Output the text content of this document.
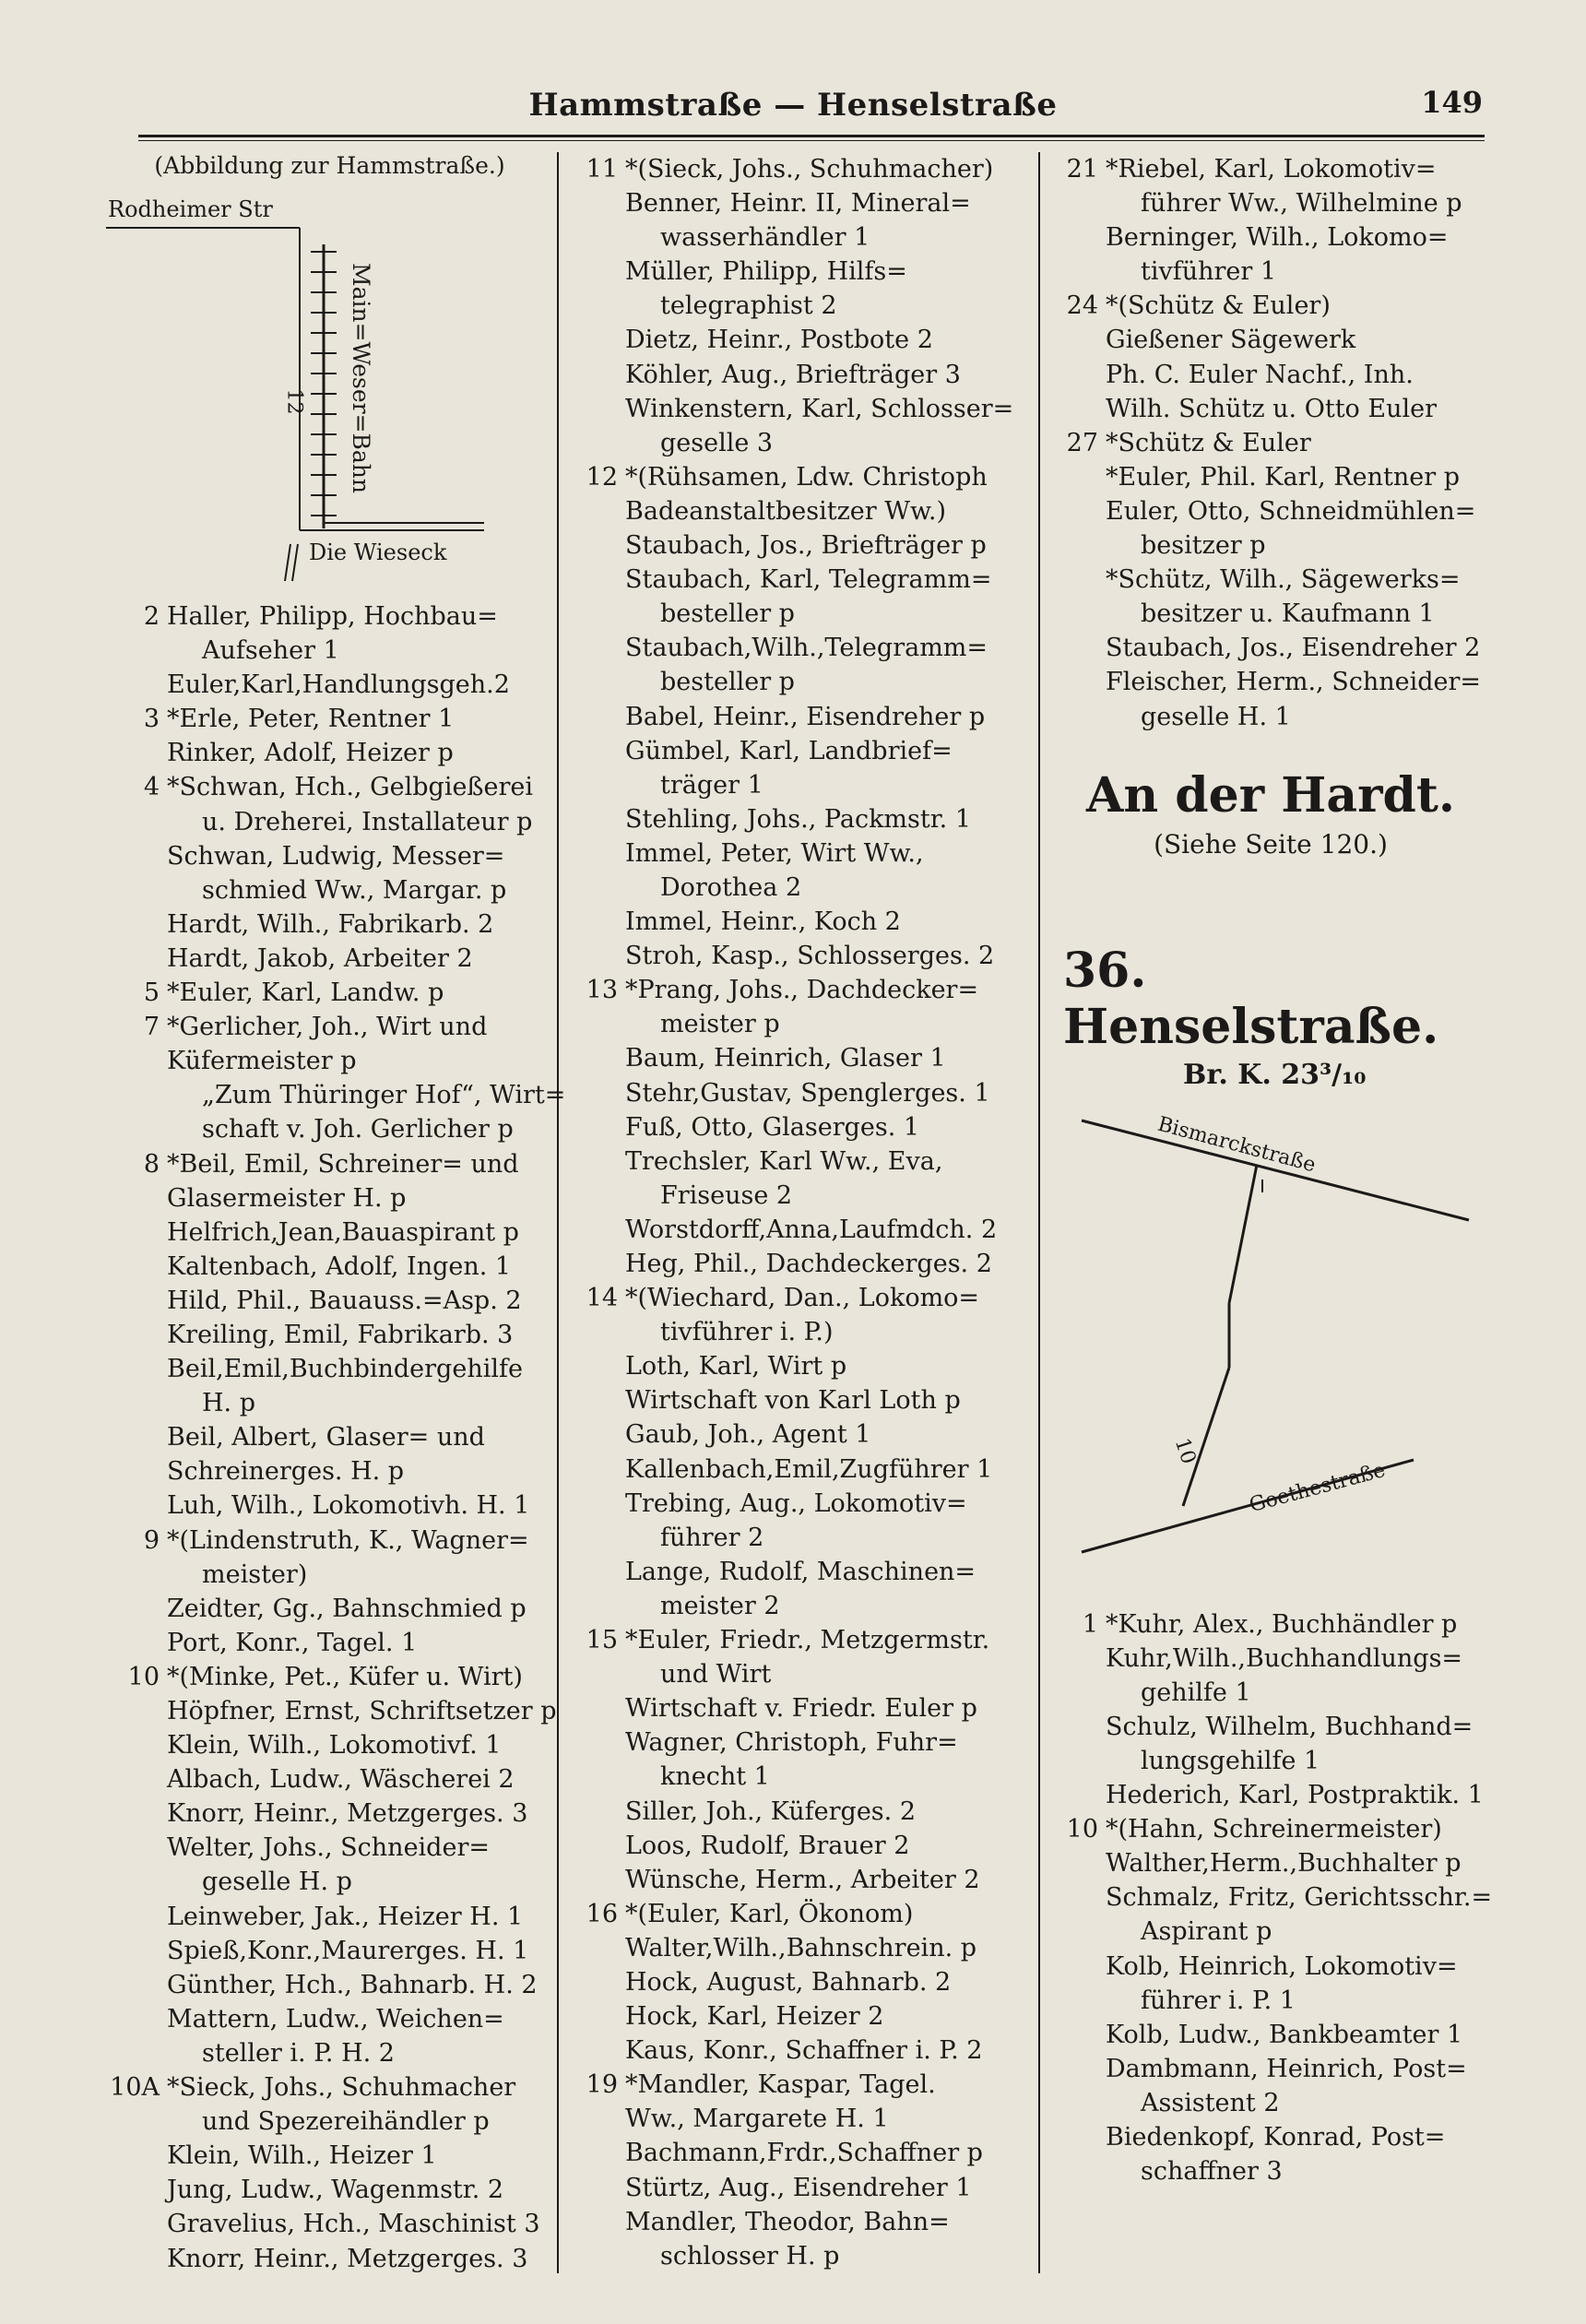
Hammstraße — Henselstraße	149
(Abbildung zur Hammstraße.)
Rodheimer Str
Main=Weser=Bahn
12
Die Wieseck
2 Haller, Philipp, Hochbau=
Aufseher 1
Euler,Karl,Handlungsgeh.2
3 *Erle, Peter, Rentner 1
Rinker, Adolf, Heizer p
4 *Schwan, Hch., Gelbgießerei
u. Dreherei, Installateur p
Schwan, Ludwig, Messer=
schmied Ww., Margar. p
Hardt, Wilh., Fabrikarb. 2
Hardt, Jakob, Arbeiter 2
5 *Euler, Karl, Landw. p
7 *Gerlicher, Joh., Wirt und
Küfermeister p
„Zum Thüringer Hof“, Wirt=
schaft v. Joh. Gerlicher p
8 *Beil, Emil, Schreiner= und
Glasermeister H. p
Helfrich,Jean,Bauaspirant p
Kaltenbach, Adolf, Ingen. 1
Hild, Phil., Bauauss.=Asp. 2
Kreiling, Emil, Fabrikarb. 3
Beil,Emil,Buchbindergehilfe
H. p
Beil, Albert, Glaser= und
Schreinerges. H. p
Luh, Wilh., Lokomotivh. H. 1
9 *(Lindenstruth, K., Wagner=
meister)
Zeidter, Gg., Bahnschmied p
Port, Konr., Tagel. 1
10 *(Minke, Pet., Küfer u. Wirt)
Höpfner, Ernst, Schriftsetzer p
Klein, Wilh., Lokomotivf. 1
Albach, Ludw., Wäscherei 2
Knorr, Heinr., Metzgerges. 3
Welter, Johs., Schneider=
geselle H. p
Leinweber, Jak., Heizer H. 1
Spieß,Konr.,Maurerges. H. 1
Günther, Hch., Bahnarb. H. 2
Mattern, Ludw., Weichen=
steller i. P. H. 2
10A *Sieck, Johs., Schuhmacher
und Spezereihändler p
Klein, Wilh., Heizer 1
Jung, Ludw., Wagenmstr. 2
Gravelius, Hch., Maschinist 3
Knorr, Heinr., Metzgerges. 3
11 *(Sieck, Johs., Schuhmacher)
Benner, Heinr. II, Mineral=
wasserhändler 1
Müller, Philipp, Hilfs=
telegraphist 2
Dietz, Heinr., Postbote 2
Köhler, Aug., Briefträger 3
Winkenstern, Karl, Schlosser=
geselle 3
12 *(Rühsamen, Ldw. Christoph
Badeanstaltbesitzer Ww.)
Staubach, Jos., Briefträger p
Staubach, Karl, Telegramm=
besteller p
Staubach,Wilh.,Telegramm=
besteller p
Babel, Heinr., Eisendreher p
Gümbel, Karl, Landbrief=
träger 1
Stehling, Johs., Packmstr. 1
Immel, Peter, Wirt Ww.,
Dorothea 2
Immel, Heinr., Koch 2
Stroh, Kasp., Schlosserges. 2
13 *Prang, Johs., Dachdecker=
meister p
Baum, Heinrich, Glaser 1
Stehr,Gustav, Spenglerges. 1
Fuß, Otto, Glaserges. 1
Trechsler, Karl Ww., Eva,
Friseuse 2
Worstdorff,Anna,Laufmdch. 2
Heg, Phil., Dachdeckerges. 2
14 *(Wiechard, Dan., Lokomo=
tivführer i. P.)
Loth, Karl, Wirt p
Wirtschaft von Karl Loth p
Gaub, Joh., Agent 1
Kallenbach,Emil,Zugführer 1
Trebing, Aug., Lokomotiv=
führer 2
Lange, Rudolf, Maschinen=
meister 2
15 *Euler, Friedr., Metzgermstr.
und Wirt
Wirtschaft v. Friedr. Euler p
Wagner, Christoph, Fuhr=
knecht 1
Siller, Joh., Küferges. 2
Loos, Rudolf, Brauer 2
Wünsche, Herm., Arbeiter 2
16 *(Euler, Karl, Ökonom)
Walter,Wilh.,Bahnschrein. p
Hock, August, Bahnarb. 2
Hock, Karl, Heizer 2
Kaus, Konr., Schaffner i. P. 2
19 *Mandler, Kaspar, Tagel.
Ww., Margarete H. 1
Bachmann,Frdr.,Schaffner p
Stürtz, Aug., Eisendreher 1
Mandler, Theodor, Bahn=
schlosser H. p
21 *Riebel, Karl, Lokomotiv=
führer Ww., Wilhelmine p
Berninger, Wilh., Lokomo=
tivführer 1
24 *(Schütz & Euler)
Gießener Sägewerk
Ph. C. Euler Nachf., Inh.
Wilh. Schütz u. Otto Euler
27 *Schütz & Euler
*Euler, Phil. Karl, Rentner p
Euler, Otto, Schneidmühlen=
besitzer p
*Schütz, Wilh., Sägewerks=
besitzer u. Kaufmann 1
Staubach, Jos., Eisendreher 2
Fleischer, Herm., Schneider=
geselle H. 1
An der Hardt.
(Siehe Seite 120.)
36. Henselstraße.
Br. K. 23³/₁₀
Bismarckstraße
Goethestraße
10
1 *Kuhr, Alex., Buchhändler p
Kuhr,Wilh.,Buchhandlungs=
gehilfe 1
Schulz, Wilhelm, Buchhand=
lungsgehilfe 1
Hederich, Karl, Postpraktik. 1
10 *(Hahn, Schreinermeister)
Walther,Herm.,Buchhalter p
Schmalz, Fritz, Gerichtsschr.=
Aspirant p
Kolb, Heinrich, Lokomotiv=
führer i. P. 1
Kolb, Ludw., Bankbeamter 1
Dambmann, Heinrich, Post=
Assistent 2
Biedenkopf, Konrad, Post=
schaffner 3
